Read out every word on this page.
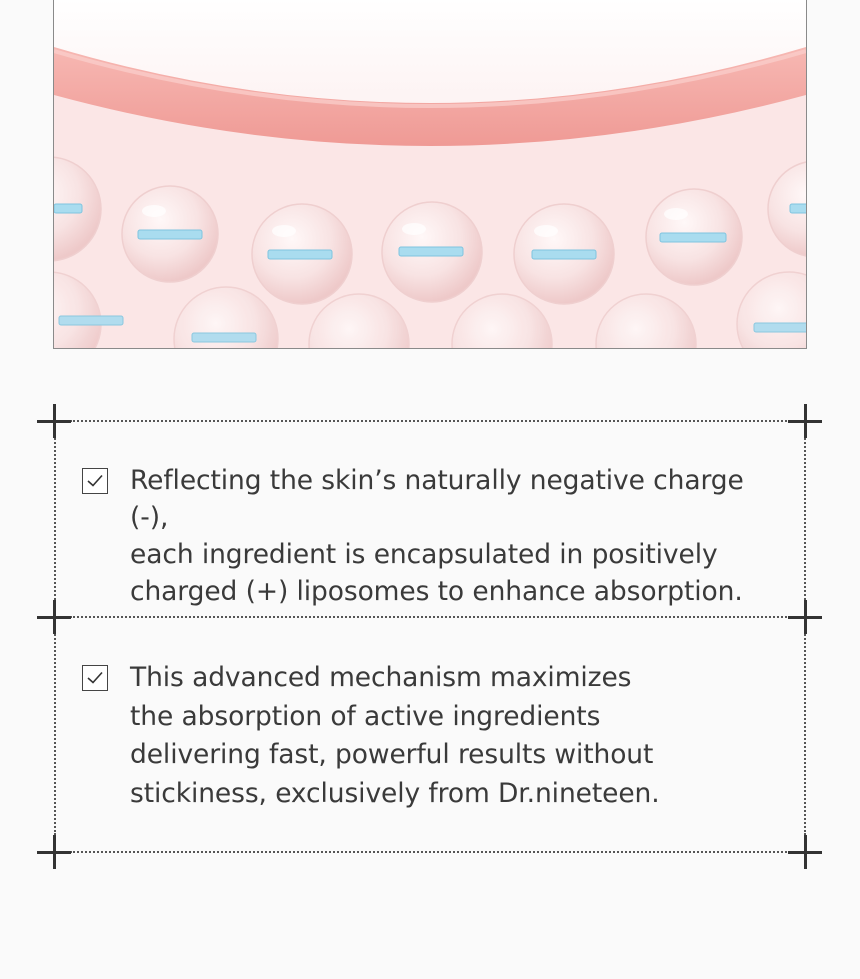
Reflecting the skin’s naturally negative charge (-),
each ingredient is encapsulated in positively
charged (+) liposomes to enhance absorption.

This advanced mechanism maximizes
the absorption of active ingredients
delivering fast, powerful results without
stickiness, exclusively from Dr.nineteen.
